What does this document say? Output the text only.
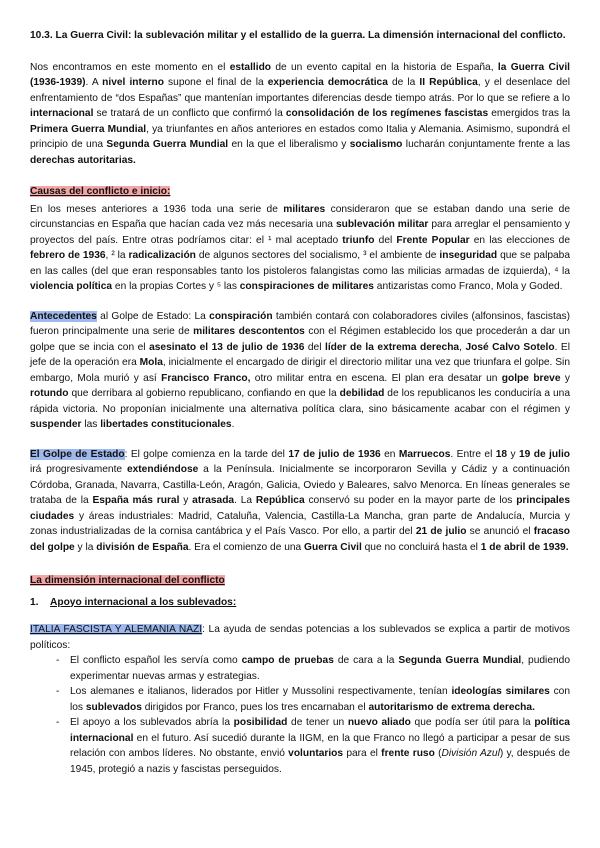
10.3. La Guerra Civil: la sublevación militar y el estallido de la guerra. La dimensión internacional del conflicto.

Nos encontramos en este momento en el estallido de un evento capital en la historia de España, la Guerra Civil (1936-1939). A nivel interno supone el final de la experiencia democrática de la II República, y el desenlace del enfrentamiento de “dos Españas” que mantenían importantes diferencias desde tiempo atrás. Por lo que se refiere a lo internacional se tratará de un conflicto que confirmó la consolidación de los regímenes fascistas emergidos tras la Primera Guerra Mundial, ya triunfantes en años anteriores en estados como Italia y Alemania. Asimismo, supondrá el principio de una Segunda Guerra Mundial en la que el liberalismo y socialismo lucharán conjuntamente frente a las derechas autoritarias.

Causas del conflicto e inicio:

En los meses anteriores a 1936 toda una serie de militares consideraron que se estaban dando una serie de circunstancias en España que hacían cada vez más necesaria una sublevación militar para arreglar el pensamiento y proyectos del país. Entre otras podríamos citar: el ¹ mal aceptado triunfo del Frente Popular en las elecciones de febrero de 1936, ² la radicalización de algunos sectores del socialismo, ³ el ambiente de inseguridad que se palpaba en las calles (del que eran responsables tanto los pistoleros falangistas como las milicias armadas de izquierda), ⁴ la violencia política en la propias Cortes y ⁵ las conspiraciones de militares antizaristas como Franco, Mola y Goded.

Antecedentes al Golpe de Estado: La conspiración también contará con colaboradores civiles (alfonsinos, fascistas) fueron principalmente una serie de militares descontentos con el Régimen establecido los que procederán a dar un golpe que se incia con el asesinato el 13 de julio de 1936 del líder de la extrema derecha, José Calvo Sotelo. El jefe de la operación era Mola, inicialmente el encargado de dirigir el directorio militar una vez que triunfara el golpe. Sin embargo, Mola murió y así Francisco Franco, otro militar entra en escena. El plan era desatar un golpe breve y rotundo que derribara al gobierno republicano, confiando en que la debilidad de los republicanos les conduciría a una rápida victoria. No proponían inicialmente una alternativa política clara, sino básicamente acabar con el régimen y suspender las libertades constitucionales.

El Golpe de Estado: El golpe comienza en la tarde del 17 de julio de 1936 en Marruecos. Entre el 18 y 19 de julio irá progresivamente extendiéndose a la Península. Inicialmente se incorporaron Sevilla y Cádiz y a continuación Córdoba, Granada, Navarra, Castilla-León, Aragón, Galicia, Oviedo y Baleares, salvo Menorca. En líneas generales se trataba de la España más rural y atrasada. La República conservó su poder en la mayor parte de los principales ciudades y áreas industriales: Madrid, Cataluña, Valencia, Castilla-La Mancha, gran parte de Andalucía, Murcia y zonas industrializadas de la cornisa cantábrica y el País Vasco. Por ello, a partir del 21 de julio se anunció el fracaso del golpe y la división de España. Era el comienzo de una Guerra Civil que no concluirá hasta el 1 de abril de 1939.

La dimensión internacional del conflicto

1.	Apoyo internacional a los sublevados:

ITALIA FASCISTA Y ALEMANIA NAZI: La ayuda de sendas potencias a los sublevados se explica a partir de motivos políticos:

- El conflicto español les servía como campo de pruebas de cara a la Segunda Guerra Mundial, pudiendo experimentar nuevas armas y estrategias.
- Los alemanes e italianos, liderados por Hitler y Mussolini respectivamente, tenían ideologías similares con los sublevados dirigidos por Franco, pues los tres encarnaban el autoritarismo de extrema derecha.
- El apoyo a los sublevados abría la posibilidad de tener un nuevo aliado que podía ser útil para la política internacional en el futuro. Así sucedió durante la IIGM, en la que Franco no llegó a participar a pesar de sus relación con ambos líderes. No obstante, envió voluntarios para el frente ruso (División Azul) y, después de 1945, protegió a nazis y fascistas perseguidos.
